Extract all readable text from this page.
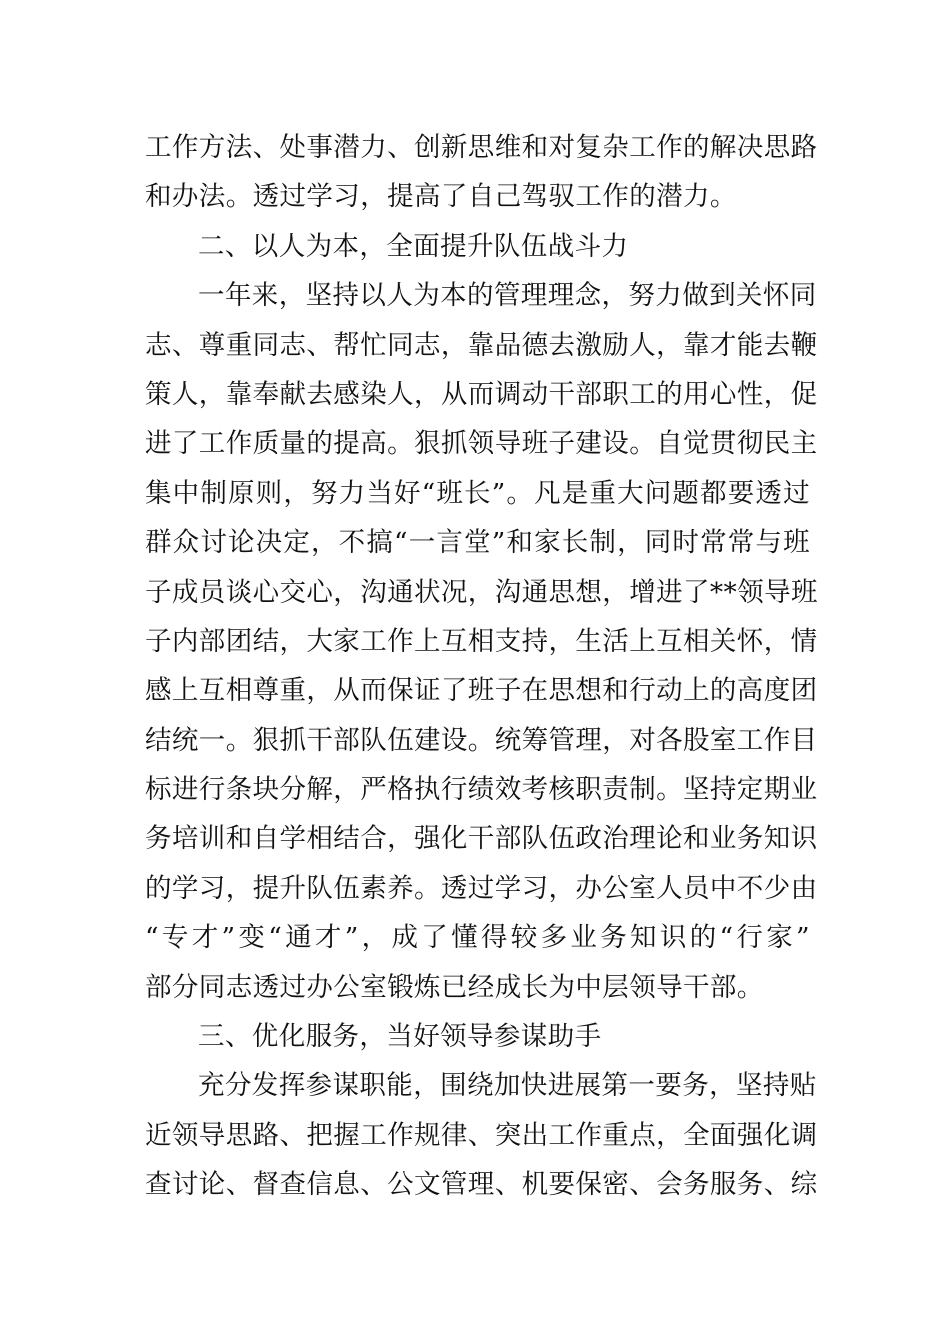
工作方法、处事潜力、创新思维和对复杂工作的解决思路
和办法。透过学习，提高了自己驾驭工作的潜力。
二、以人为本，全面提升队伍战斗力
一年来，坚持以人为本的管理理念，努力做到关怀同
志、尊重同志、帮忙同志，靠品德去激励人，靠才能去鞭
策人，靠奉献去感染人，从而调动干部职工的用心性，促
进了工作质量的提高。狠抓领导班子建设。自觉贯彻民主
集中制原则，努力当好“班长”。凡是重大问题都要透过
群众讨论决定，不搞“一言堂”和家长制，同时常常与班
子成员谈心交心，沟通状况，沟通思想，增进了**领导班
子内部团结，大家工作上互相支持，生活上互相关怀，情
感上互相尊重，从而保证了班子在思想和行动上的高度团
结统一。狠抓干部队伍建设。统筹管理，对各股室工作目
标进行条块分解，严格执行绩效考核职责制。坚持定期业
务培训和自学相结合，强化干部队伍政治理论和业务知识
的学习，提升队伍素养。透过学习，办公室人员中不少由
“专才”变“通才”，成了懂得较多业务知识的“行家”
部分同志透过办公室锻炼已经成长为中层领导干部。
三、优化服务，当好领导参谋助手
充分发挥参谋职能，围绕加快进展第一要务，坚持贴
近领导思路、把握工作规律、突出工作重点，全面强化调
查讨论、督查信息、公文管理、机要保密、会务服务、综
